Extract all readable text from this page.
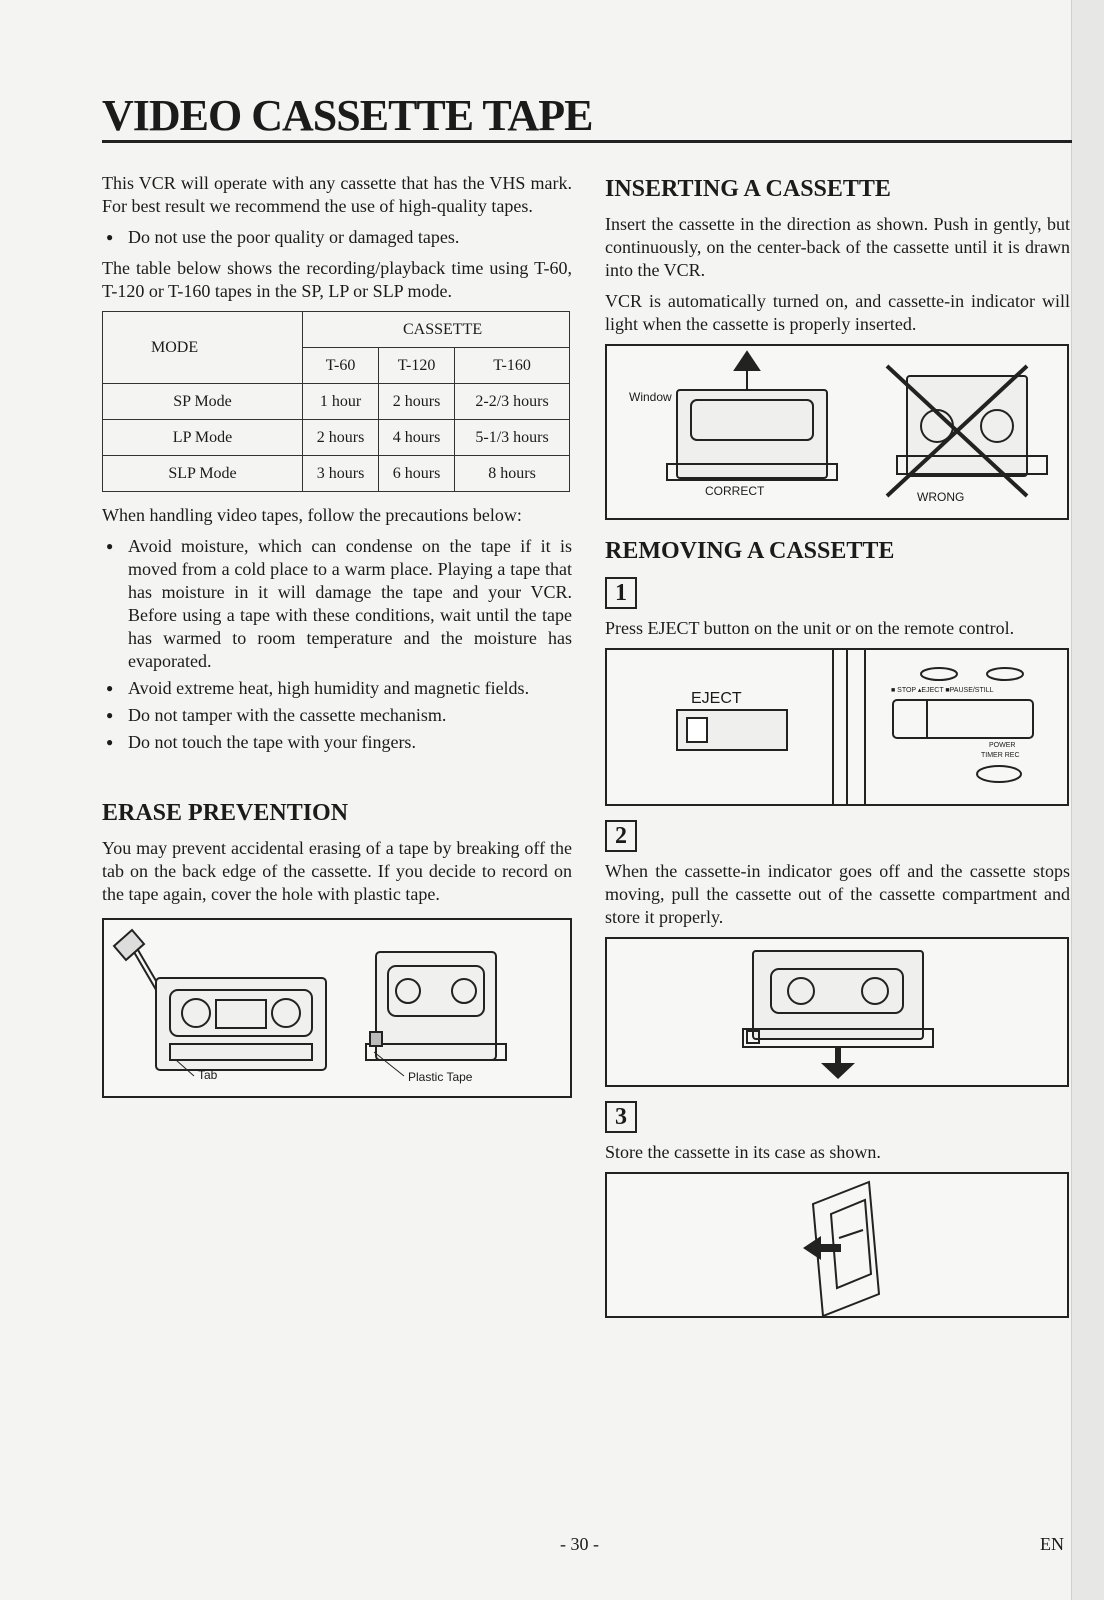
VIDEO CASSETTE TAPE

This VCR will operate with any cassette that has the VHS mark. For best result we recommend the use of high-quality tapes.

● Do not use the poor quality or damaged tapes.

The table below shows the recording/playback time using T-60, T-120 or T-160 tapes in the SP, LP or SLP mode.

MODE	CASSETTE		
	T-60	T-120	T-160
SP Mode	1 hour	2 hours	2-2/3 hours
LP Mode	2 hours	4 hours	5-1/3 hours
SLP Mode	3 hours	6 hours	8 hours

When handling video tapes, follow the precautions below:

● Avoid moisture, which can condense on the tape if it is moved from a cold place to a warm place. Playing a tape that has moisture in it will damage the tape and your VCR. Before using a tape with these conditions, wait until the tape has warmed to room temperature and the moisture has evaporated.
● Avoid extreme heat, high humidity and magnetic fields.
● Do not tamper with the cassette mechanism.
● Do not touch the tape with your fingers.
ERASE PREVENTION

You may prevent accidental erasing of a tape by breaking off the tab on the back edge of the cassette. If you decide to record on the tape again, cover the hole with plastic tape.

Tab	Plastic Tape
INSERTING A CASSETTE

Insert the cassette in the direction as shown. Push in gently, but continuously, on the center-back of the cassette until it is drawn into the VCR.

VCR is automatically turned on, and cassette-in indicator will light when the cassette is properly inserted.

Window
CORRECT	WRONG
REMOVING A CASSETTE
1

Press EJECT button on the unit or on the remote control.

EJECT	■ STOP ▴EJECT ■PAUSE/STILL
POWER
TIMER REC
2

When the cassette-in indicator goes off and the cassette stops moving, pull the cassette out of the cassette compartment and store it properly.

3

Store the cassette in its case as shown.

- 30 -	EN
